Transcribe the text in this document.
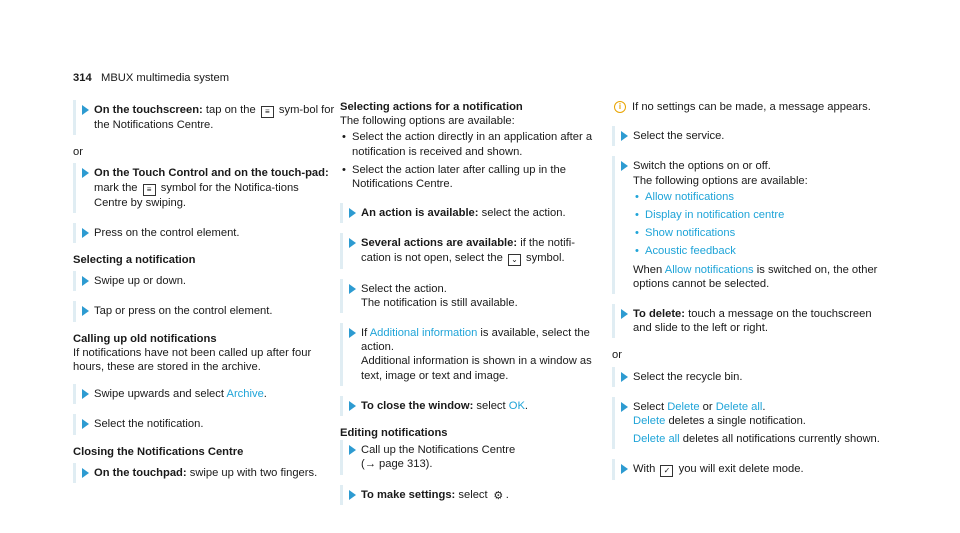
314 MBUX multimedia system
On the touchscreen: tap on the ≡ sym-bol for the Notifications Centre.
or
On the Touch Control and on the touch-pad: mark the ≡ symbol for the Notifica-tions Centre by swiping.
Press on the control element.
Selecting a notification
Swipe up or down.
Tap or press on the control element.
Calling up old notifications
If notifications have not been called up after four hours, these are stored in the archive.
Swipe upwards and select Archive.
Select the notification.
Closing the Notifications Centre
On the touchpad: swipe up with two fingers.
Selecting actions for a notification
The following options are available:
• Select the action directly in an application after a notification is received and shown.
• Select the action later after calling up in the Notifications Centre.
An action is available: select the action.
Several actions are available: if the notifi-cation is not open, select the ⌄ symbol.
Select the action.
The notification is still available.
If Additional information is available, select the action.
Additional information is shown in a window as text, image or text and image.
To close the window: select OK.
Editing notifications
Call up the Notifications Centre
(→ page 313).
To make settings: select ⚙ .
i If no settings can be made, a message appears.
Select the service.
Switch the options on or off.
The following options are available:
• Allow notifications
• Display in notification centre
• Show notifications
• Acoustic feedback
When Allow notifications is switched on, the other options cannot be selected.
To delete: touch a message on the touchscreen and slide to the left or right.
or
Select the recycle bin.
Select Delete or Delete all.
Delete deletes a single notification.
Delete all deletes all notifications currently shown.
With ✓ you will exit delete mode.
